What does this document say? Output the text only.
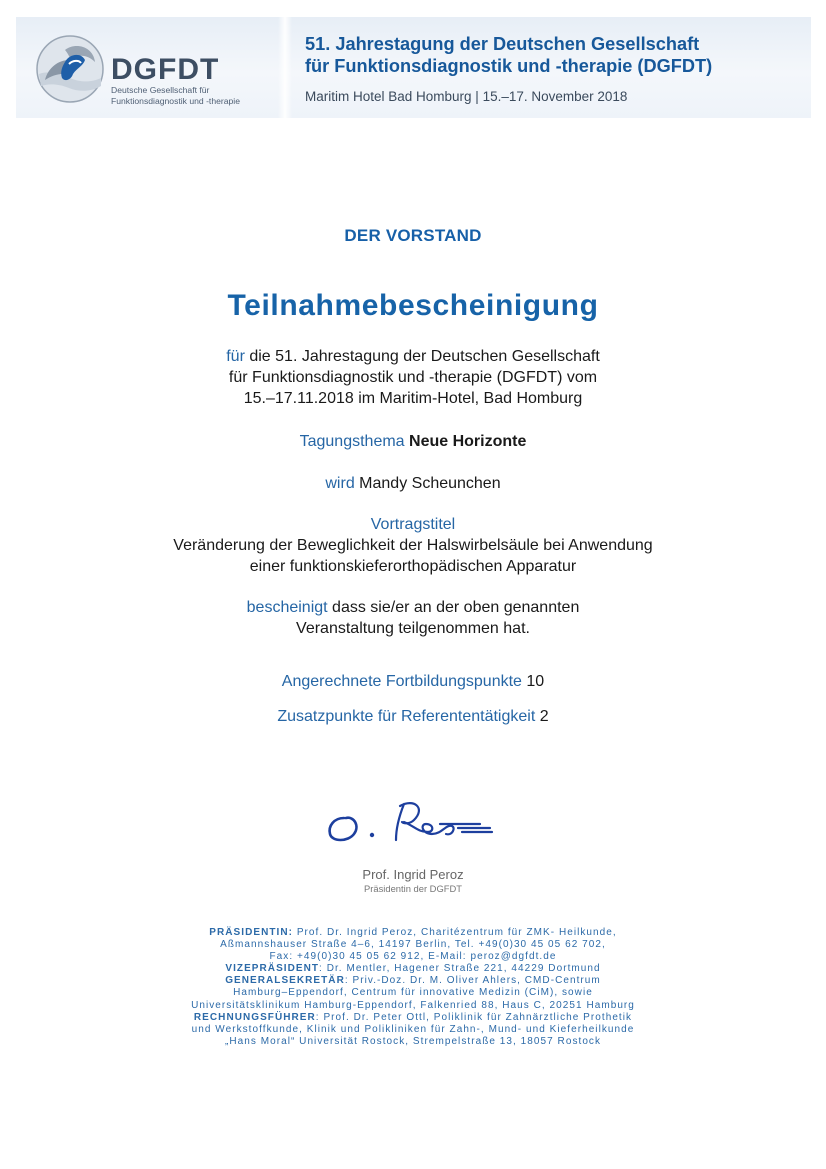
DGFDT
Deutsche Gesellschaft für
Funktionsdiagnostik und -therapie
51. Jahrestagung der Deutschen Gesellschaft
für Funktionsdiagnostik und -therapie (DGFDT)
Maritim Hotel Bad Homburg | 15.–17. November 2018
DER VORSTAND
Teilnahmebescheinigung
für die 51. Jahrestagung der Deutschen Gesellschaft
für Funktionsdiagnostik und -therapie (DGFDT) vom
15.–17.11.2018 im Maritim-Hotel, Bad Homburg
Tagungsthema Neue Horizonte
wird Mandy Scheunchen
Vortragstitel
Veränderung der Beweglichkeit der Halswirbelsäule bei Anwendung
einer funktionskieferorthopädischen Apparatur
bescheinigt dass sie/er an der oben genannten
Veranstaltung teilgenommen hat.
Angerechnete Fortbildungspunkte 10
Zusatzpunkte für Referententätigkeit 2
Prof. Ingrid Peroz
Präsidentin der DGFDT
PRÄSIDENTIN: Prof. Dr. Ingrid Peroz, Charitézentrum für ZMK- Heilkunde,
Aßmannshauser Straße 4–6, 14197 Berlin, Tel. +49(0)30 45 05 62 702,
Fax: +49(0)30 45 05 62 912, E-Mail: peroz@dgfdt.de
VIZEPRÄSIDENT: Dr. Mentler, Hagener Straße 221, 44229 Dortmund
GENERALSEKRETÄR: Priv.-Doz. Dr. M. Oliver Ahlers, CMD-Centrum
Hamburg–Eppendorf, Centrum für innovative Medizin (CiM), sowie
Universitätsklinikum Hamburg-Eppendorf, Falkenried 88, Haus C, 20251 Hamburg
RECHNUNGSFÜHRER: Prof. Dr. Peter Ottl, Poliklinik für Zahnärztliche Prothetik
und Werkstoffkunde, Klinik und Polikliniken für Zahn-, Mund- und Kieferheilkunde
„Hans Moral“ Universität Rostock, Strempelstraße 13, 18057 Rostock
